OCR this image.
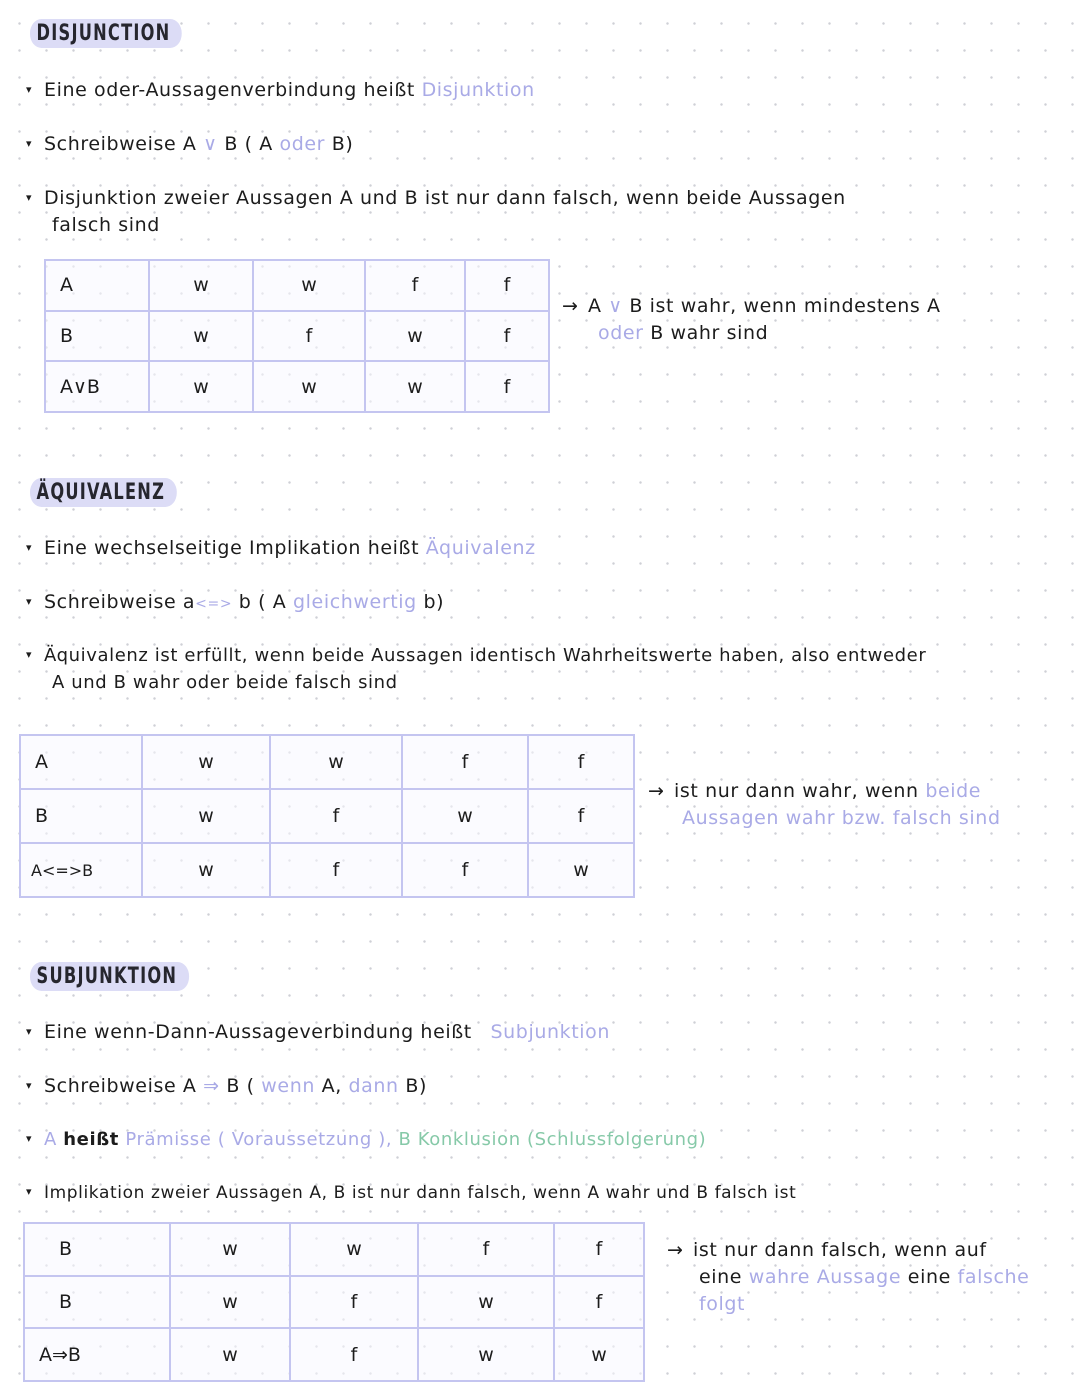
DISJUNCTION
▾ Eine oder-Aussagenverbindung heißt Disjunktion
▾ Schreibweise A ∨ B ( A oder B)
▾ Disjunktion zweier Aussagen A und B ist nur dann falsch, wenn beide Aussagen
falsch sind
A	w	w	f	f
B	w	f	w	f
A∨B	w	w	w	f
→ A ∨ B ist wahr, wenn mindestens A
oder B wahr sind
ÄQUIVALENZ
▾ Eine wechselseitige Implikation heißt Äquivalenz
▾ Schreibweise a<=> b ( A gleichwertig b)
▾ Äquivalenz ist erfüllt, wenn beide Aussagen identisch Wahrheitswerte haben, also entweder
A und B wahr oder beide falsch sind
A	w	w	f	f
B	w	f	w	f
A<=>B	w	f	f	w
→ ist nur dann wahr, wenn beide
Aussagen wahr bzw. falsch sind
SUBJUNKTION
▾ Eine wenn-Dann-Aussageverbindung heißt Subjunktion
▾ Schreibweise A ⇒ B ( wenn A, dann B)
▾ A heißt Prämisse ( Voraussetzung ), B Konklusion (Schlussfolgerung)
▾ Implikation zweier Aussagen A, B ist nur dann falsch, wenn A wahr und B falsch ist
B	w	w	f	f
B	w	f	w	f
A⇒B	w	f	w	w
→ ist nur dann falsch, wenn auf
eine wahre Aussage eine falsche
folgt
